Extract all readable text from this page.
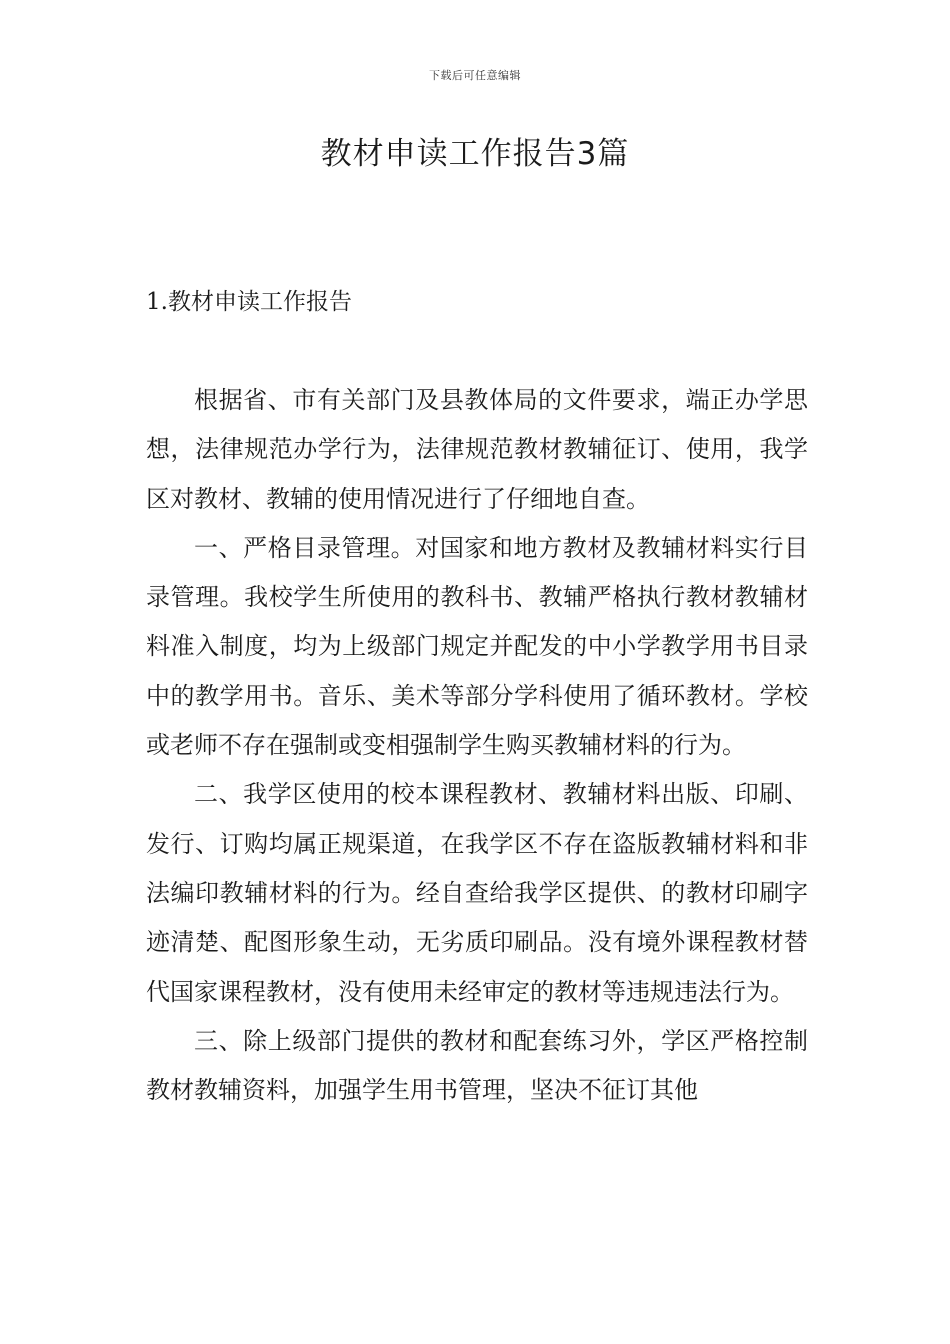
下载后可任意编辑
教材申读工作报告3篇
1.教材申读工作报告

根据省、市有关部门及县教体局的文件要求，端正办学思想，法律规范办学行为，法律规范教材教辅征订、使用，我学区对教材、教辅的使用情况进行了仔细地自查。

一、严格目录管理。对国家和地方教材及教辅材料实行目录管理。我校学生所使用的教科书、教辅严格执行教材教辅材料准入制度，均为上级部门规定并配发的中小学教学用书目录中的教学用书。音乐、美术等部分学科使用了循环教材。学校或老师不存在强制或变相强制学生购买教辅材料的行为。

二、我学区使用的校本课程教材、教辅材料出版、印刷、发行、订购均属正规渠道，在我学区不存在盗版教辅材料和非法编印教辅材料的行为。经自查给我学区提供、的教材印刷字迹清楚、配图形象生动，无劣质印刷品。没有境外课程教材替代国家课程教材，没有使用未经审定的教材等违规违法行为。

三、除上级部门提供的教材和配套练习外，学区严格控制教材教辅资料，加强学生用书管理，坚决不征订其他
